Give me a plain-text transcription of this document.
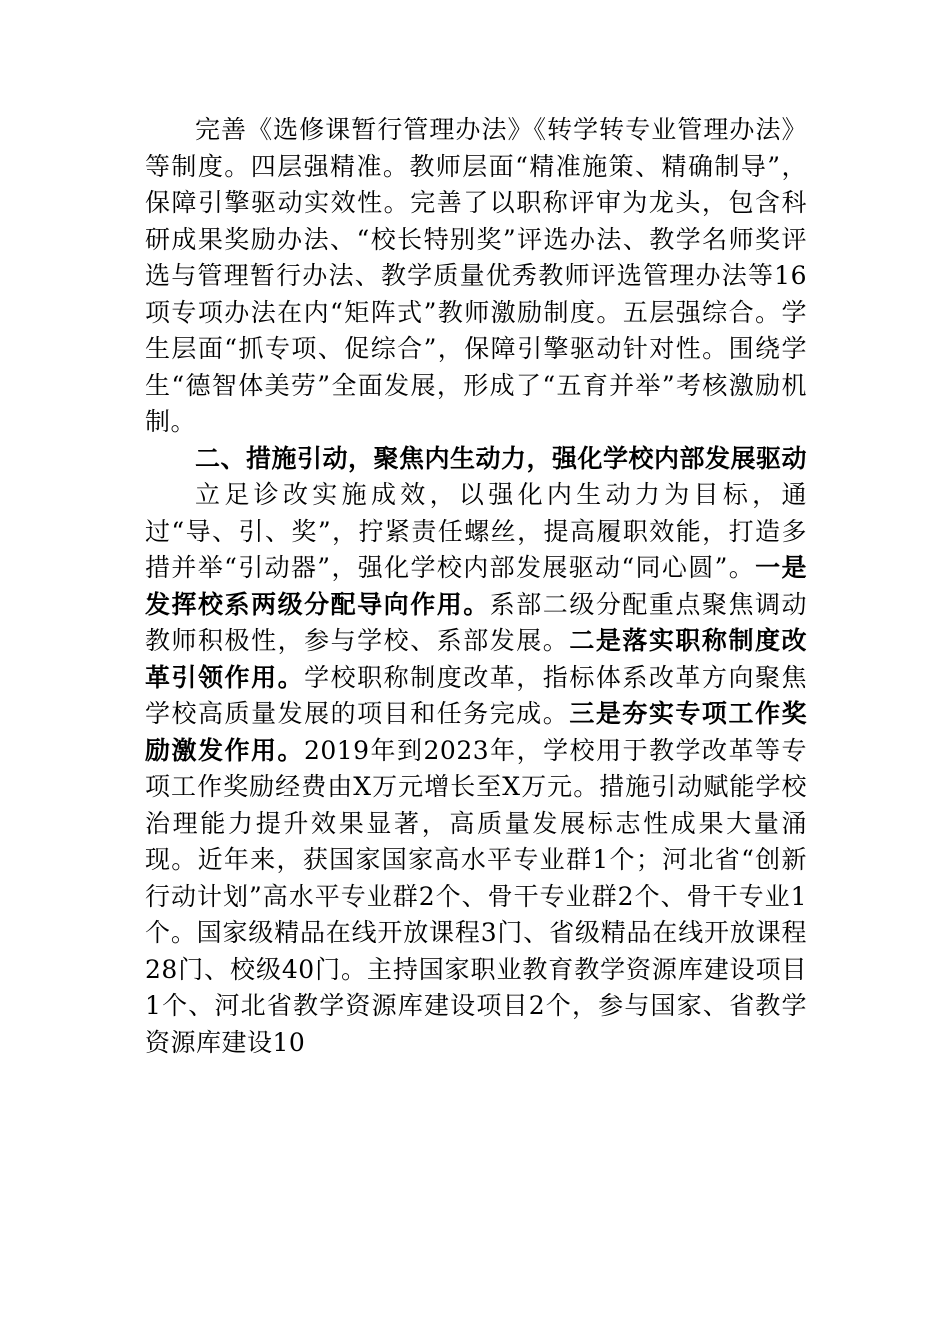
完善《选修课暂行管理办法》《转学转专业管理办法》等制度。四层强精准。教师层面“精准施策、精确制导”，保障引擎驱动实效性。完善了以职称评审为龙头，包含科研成果奖励办法、“校长特别奖”评选办法、教学名师奖评选与管理暂行办法、教学质量优秀教师评选管理办法等16项专项办法在内“矩阵式”教师激励制度。五层强综合。学生层面“抓专项、促综合”，保障引擎驱动针对性。围绕学生“德智体美劳”全面发展，形成了“五育并举”考核激励机制。

二、措施引动，聚焦内生动力，强化学校内部发展驱动

立足诊改实施成效，以强化内生动力为目标，通过“导、引、奖”，拧紧责任螺丝，提高履职效能，打造多措并举“引动器”，强化学校内部发展驱动“同心圆”。一是发挥校系两级分配导向作用。系部二级分配重点聚焦调动教师积极性，参与学校、系部发展。二是落实职称制度改革引领作用。学校职称制度改革，指标体系改革方向聚焦学校高质量发展的项目和任务完成。三是夯实专项工作奖励激发作用。2019年到2023年，学校用于教学改革等专项工作奖励经费由X万元增长至X万元。措施引动赋能学校治理能力提升效果显著，高质量发展标志性成果大量涌现。近年来，获国家国家高水平专业群1个；河北省“创新行动计划”高水平专业群2个、骨干专业群2个、骨干专业1个。国家级精品在线开放课程3门、省级精品在线开放课程28门、校级40门。主持国家职业教育教学资源库建设项目1个、河北省教学资源库建设项目2个，参与国家、省教学资源库建设10
